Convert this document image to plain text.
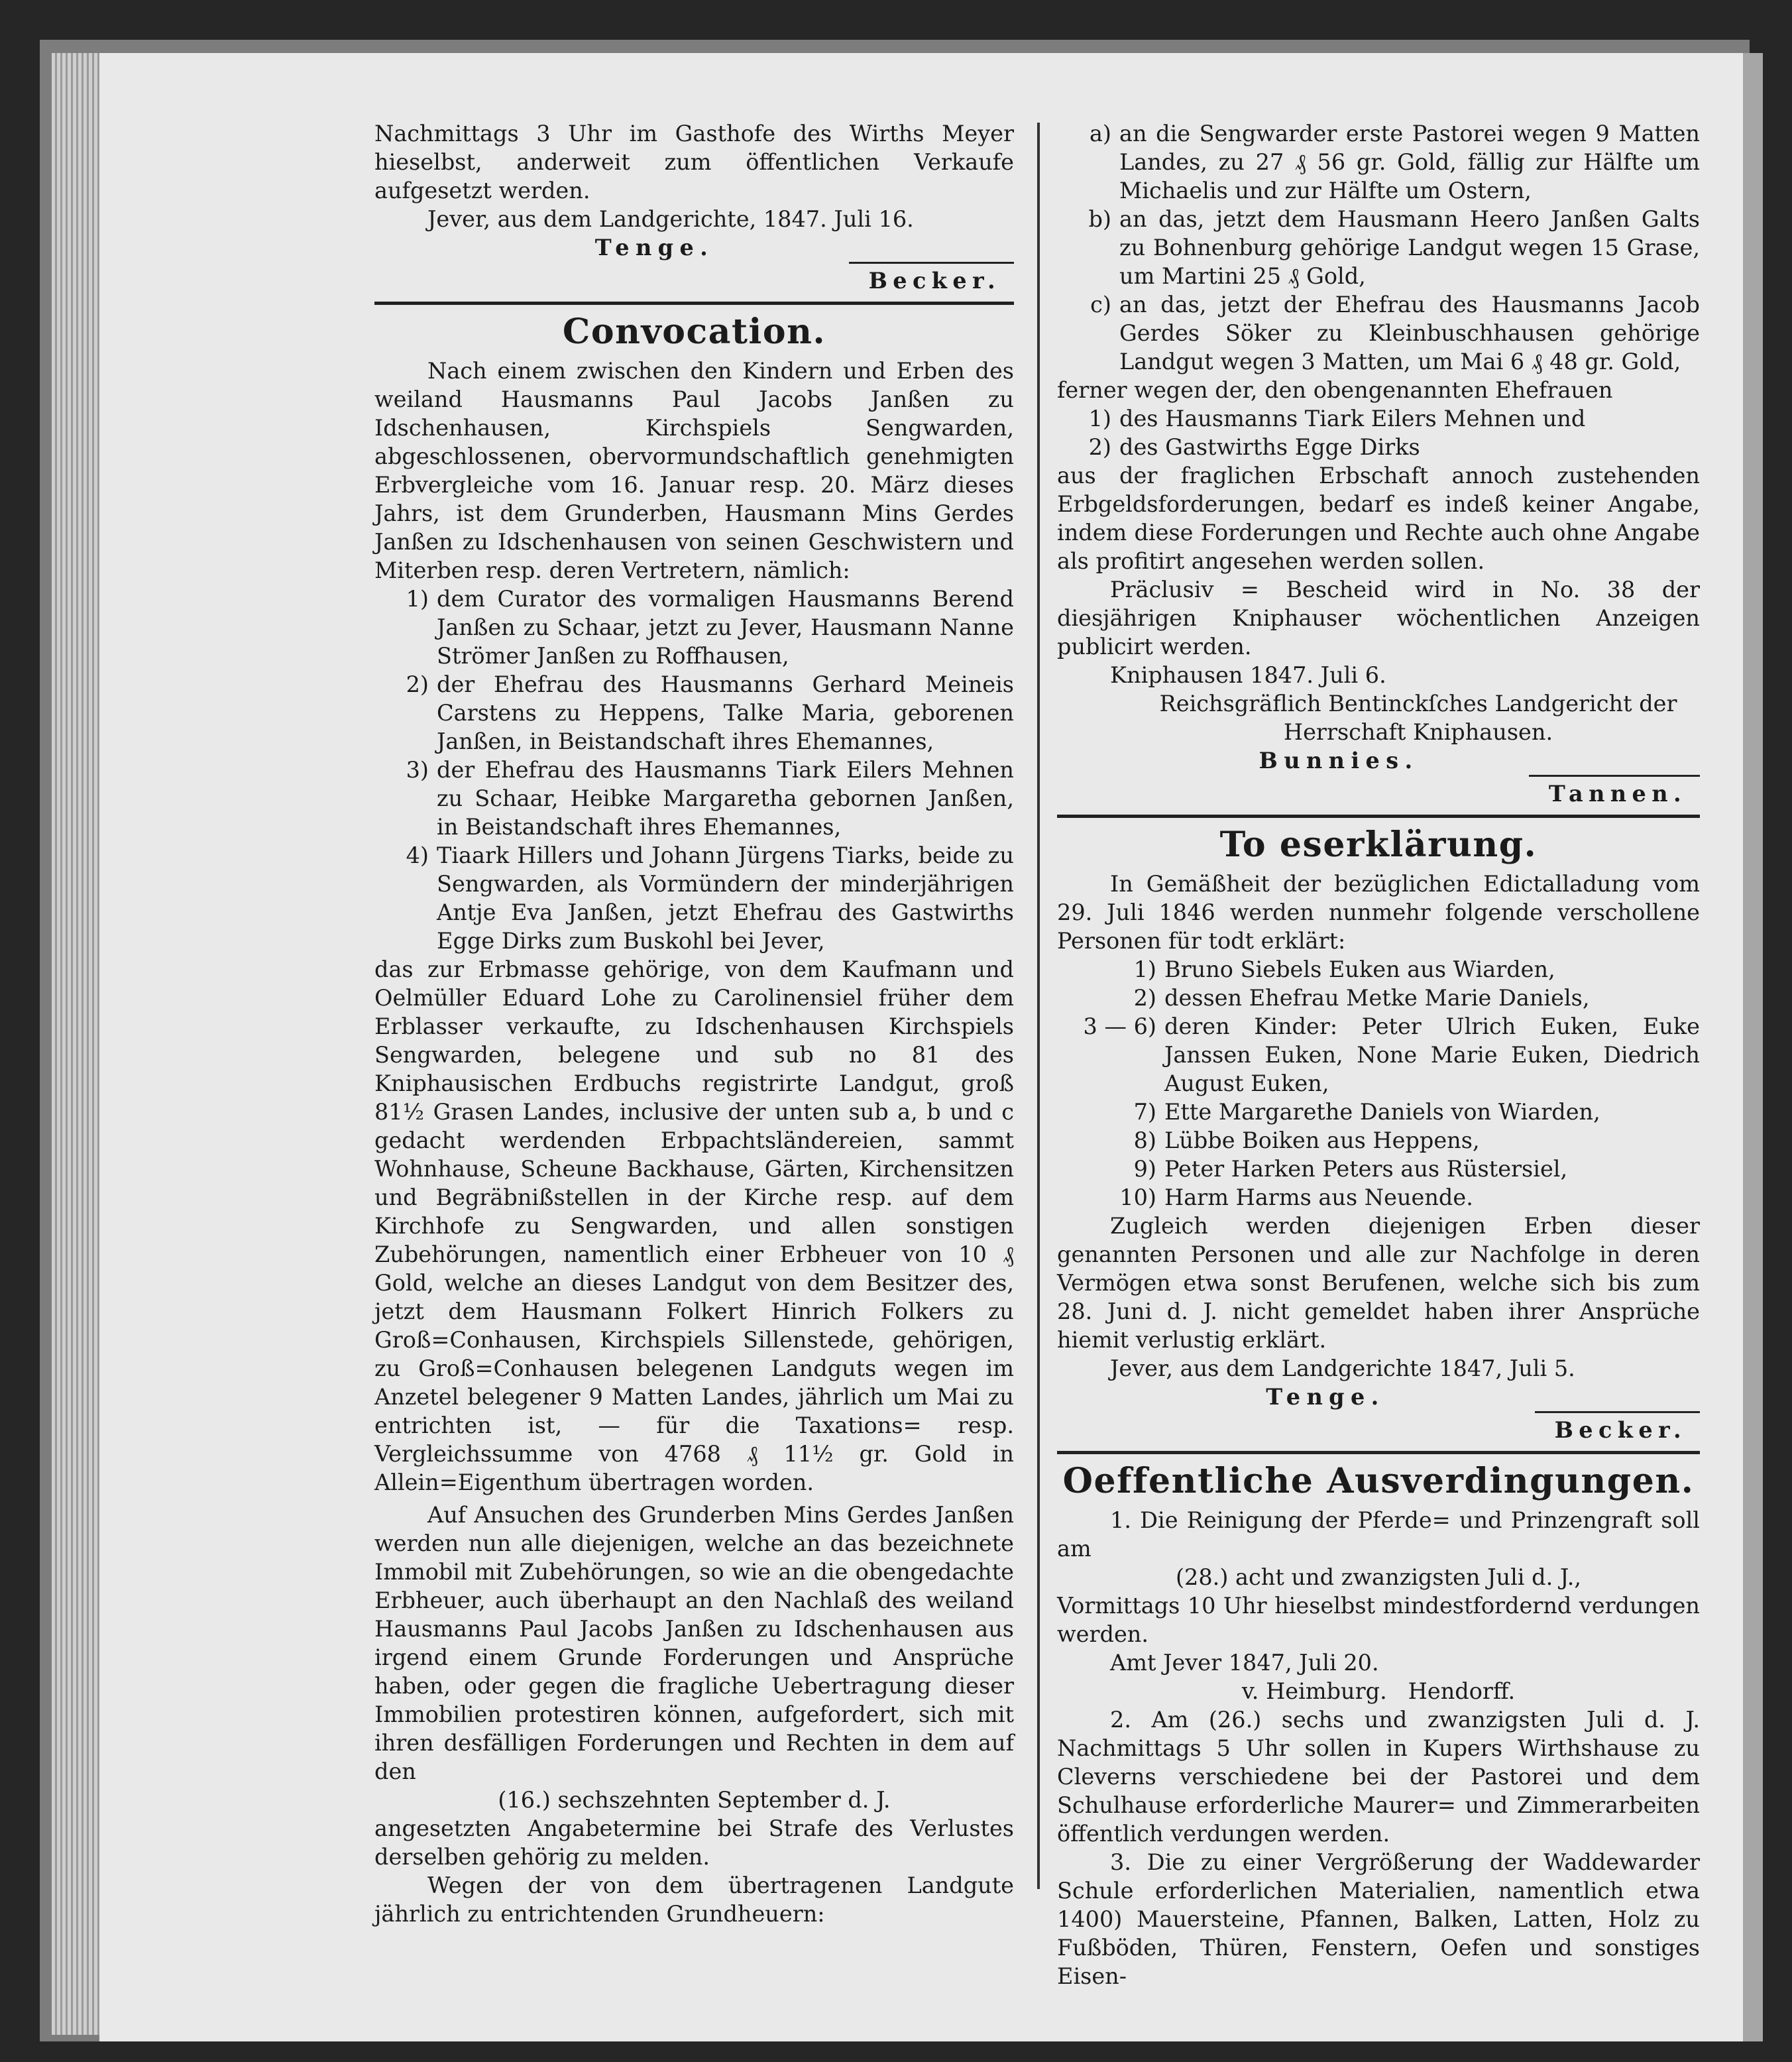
Nachmittags 3 Uhr im Gasthofe des Wirths Meyer hieselbst, anderweit zum öffentlichen Verkaufe aufgesetzt werden.

Jever, aus dem Landgerichte, 1847. Juli 16.

Tenge.

Becker.
Convocation.

Nach einem zwischen den Kindern und Erben des weiland Hausmanns Paul Jacobs Janßen zu Idschenhausen, Kirchspiels Sengwarden, abgeschlossenen, obervormundschaftlich genehmigten Erbvergleiche vom 16. Januar resp. 20. März dieses Jahrs, ist dem Grunderben, Hausmann Mins Gerdes Janßen zu Idschenhausen von seinen Geschwistern und Miterben resp. deren Vertretern, nämlich:

1) dem Curator des vormaligen Hausmanns Berend Janßen zu Schaar, jetzt zu Jever, Hausmann Nanne Strömer Janßen zu Roffhausen,
2) der Ehefrau des Hausmanns Gerhard Meineis Carstens zu Heppens, Talke Maria, geborenen Janßen, in Beistandschaft ihres Ehemannes,
3) der Ehefrau des Hausmanns Tiark Eilers Mehnen zu Schaar, Heibke Margaretha gebornen Janßen, in Beistandschaft ihres Ehemannes,
4) Tiaark Hillers und Johann Jürgens Tiarks, beide zu Sengwarden, als Vormündern der minderjährigen Antje Eva Janßen, jetzt Ehefrau des Gastwirths Egge Dirks zum Buskohl bei Jever,

das zur Erbmasse gehörige, von dem Kaufmann und Oelmüller Eduard Lohe zu Carolinensiel früher dem Erblasser verkaufte, zu Idschenhausen Kirchspiels Sengwarden, belegene und sub no 81 des Kniphausischen Erdbuchs registrirte Landgut, groß 81½ Grasen Landes, inclusive der unten sub a, b und c gedacht werdenden Erbpachtsländereien, sammt Wohnhause, Scheune Backhause, Gärten, Kirchensitzen und Begräbnißstellen in der Kirche resp. auf dem Kirchhofe zu Sengwarden, und allen sonstigen Zubehörungen, namentlich einer Erbheuer von 10 ₰ Gold, welche an dieses Landgut von dem Besitzer des, jetzt dem Hausmann Folkert Hinrich Folkers zu Groß=Conhausen, Kirchspiels Sillenstede, gehörigen, zu Groß=Conhausen belegenen Landguts wegen im Anzetel belegener 9 Matten Landes, jährlich um Mai zu entrichten ist, — für die Taxations= resp. Vergleichssumme von 4768 ₰ 11½ gr. Gold in Allein=Eigenthum übertragen worden.

Auf Ansuchen des Grunderben Mins Gerdes Janßen werden nun alle diejenigen, welche an das bezeichnete Immobil mit Zubehörungen, so wie an die obengedachte Erbheuer, auch überhaupt an den Nachlaß des weiland Hausmanns Paul Jacobs Janßen zu Idschenhausen aus irgend einem Grunde Forderungen und Ansprüche haben, oder gegen die fragliche Uebertragung dieser Immobilien protestiren können, aufgefordert, sich mit ihren desfälligen Forderungen und Rechten in dem auf den

(16.) sechszehnten September d. J.

angesetzten Angabetermine bei Strafe des Verlustes derselben gehörig zu melden.

Wegen der von dem übertragenen Landgute jährlich zu entrichtenden Grundheuern:

a) an die Sengwarder erste Pastorei wegen 9 Matten Landes, zu 27 ₰ 56 gr. Gold, fällig zur Hälfte um Michaelis und zur Hälfte um Ostern,
b) an das, jetzt dem Hausmann Heero Janßen Galts zu Bohnenburg gehörige Landgut wegen 15 Grase, um Martini 25 ₰ Gold,
c) an das, jetzt der Ehefrau des Hausmanns Jacob Gerdes Söker zu Kleinbuschhausen gehörige Landgut wegen 3 Matten, um Mai 6 ₰ 48 gr. Gold,

ferner wegen der, den obengenannten Ehefrauen

1) des Hausmanns Tiark Eilers Mehnen und
2) des Gastwirths Egge Dirks

aus der fraglichen Erbschaft annoch zustehenden Erbgeldsforderungen, bedarf es indeß keiner Angabe, indem diese Forderungen und Rechte auch ohne Angabe als profitirt angesehen werden sollen.

Präclusiv = Bescheid wird in No. 38 der diesjährigen Kniphauser wöchentlichen Anzeigen publicirt werden.

Kniphausen 1847. Juli 6.

Reichsgräflich Bentinckſches Landgericht der Herrschaft Kniphausen.

Bunnies.

Tannen.
To eserklärung.

In Gemäßheit der bezüglichen Edictalladung vom 29. Juli 1846 werden nunmehr folgende verschollene Personen für todt erklärt:

1) Bruno Siebels Euken aus Wiarden,
2) dessen Ehefrau Metke Marie Daniels,
3 — 6) deren Kinder: Peter Ulrich Euken, Euke Janssen Euken, None Marie Euken, Diedrich August Euken,
7) Ette Margarethe Daniels von Wiarden,
8) Lübbe Boiken aus Heppens,
9) Peter Harken Peters aus Rüstersiel,
10) Harm Harms aus Neuende.

Zugleich werden diejenigen Erben dieser genannten Personen und alle zur Nachfolge in deren Vermögen etwa sonst Berufenen, welche sich bis zum 28. Juni d. J. nicht gemeldet haben ihrer Ansprüche hiemit verlustig erklärt.

Jever, aus dem Landgerichte 1847, Juli 5.

Tenge.

Becker.
Oeffentliche Ausverdingungen.

1. Die Reinigung der Pferde= und Prinzengraft soll am

(28.) acht und zwanzigsten Juli d. J.,

Vormittags 10 Uhr hieselbst mindestfordernd verdungen werden.

Amt Jever 1847, Juli 20.

v. Heimburg.   Hendorff.

2. Am (26.) sechs und zwanzigsten Juli d. J. Nachmittags 5 Uhr sollen in Kupers Wirthshause zu Cleverns verschiedene bei der Pastorei und dem Schulhause erforderliche Maurer= und Zimmerarbeiten öffentlich verdungen werden.

3. Die zu einer Vergrößerung der Waddewarder Schule erforderlichen Materialien, namentlich etwa 1400) Mauersteine, Pfannen, Balken, Latten, Holz zu Fußböden, Thüren, Fenstern, Oefen und sonstiges Eisen-
